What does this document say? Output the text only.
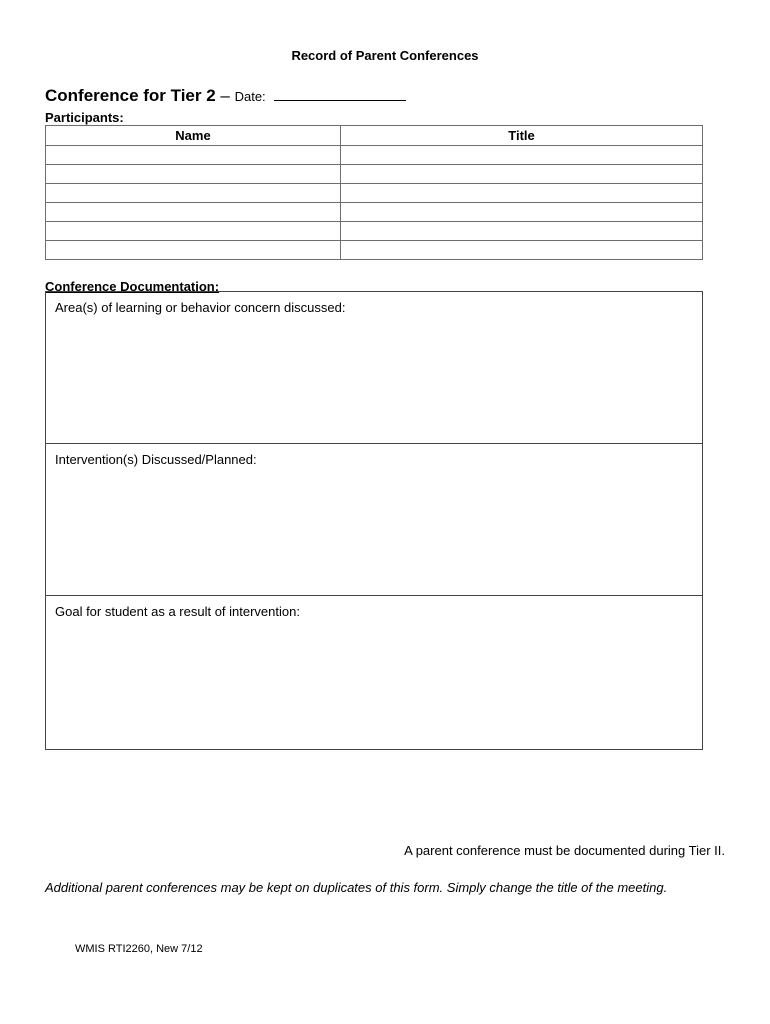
Record of Parent Conferences
Conference for Tier 2 – Date:
Participants:
Name	Title

Conference Documentation:
Area(s) of learning or behavior concern discussed:
Intervention(s) Discussed/Planned:
Goal for student as a result of intervention:
A parent conference must be documented during Tier II.
Additional parent conferences may be kept on duplicates of this form. Simply change the title of the meeting.
WMIS RTI2260, New 7/12
